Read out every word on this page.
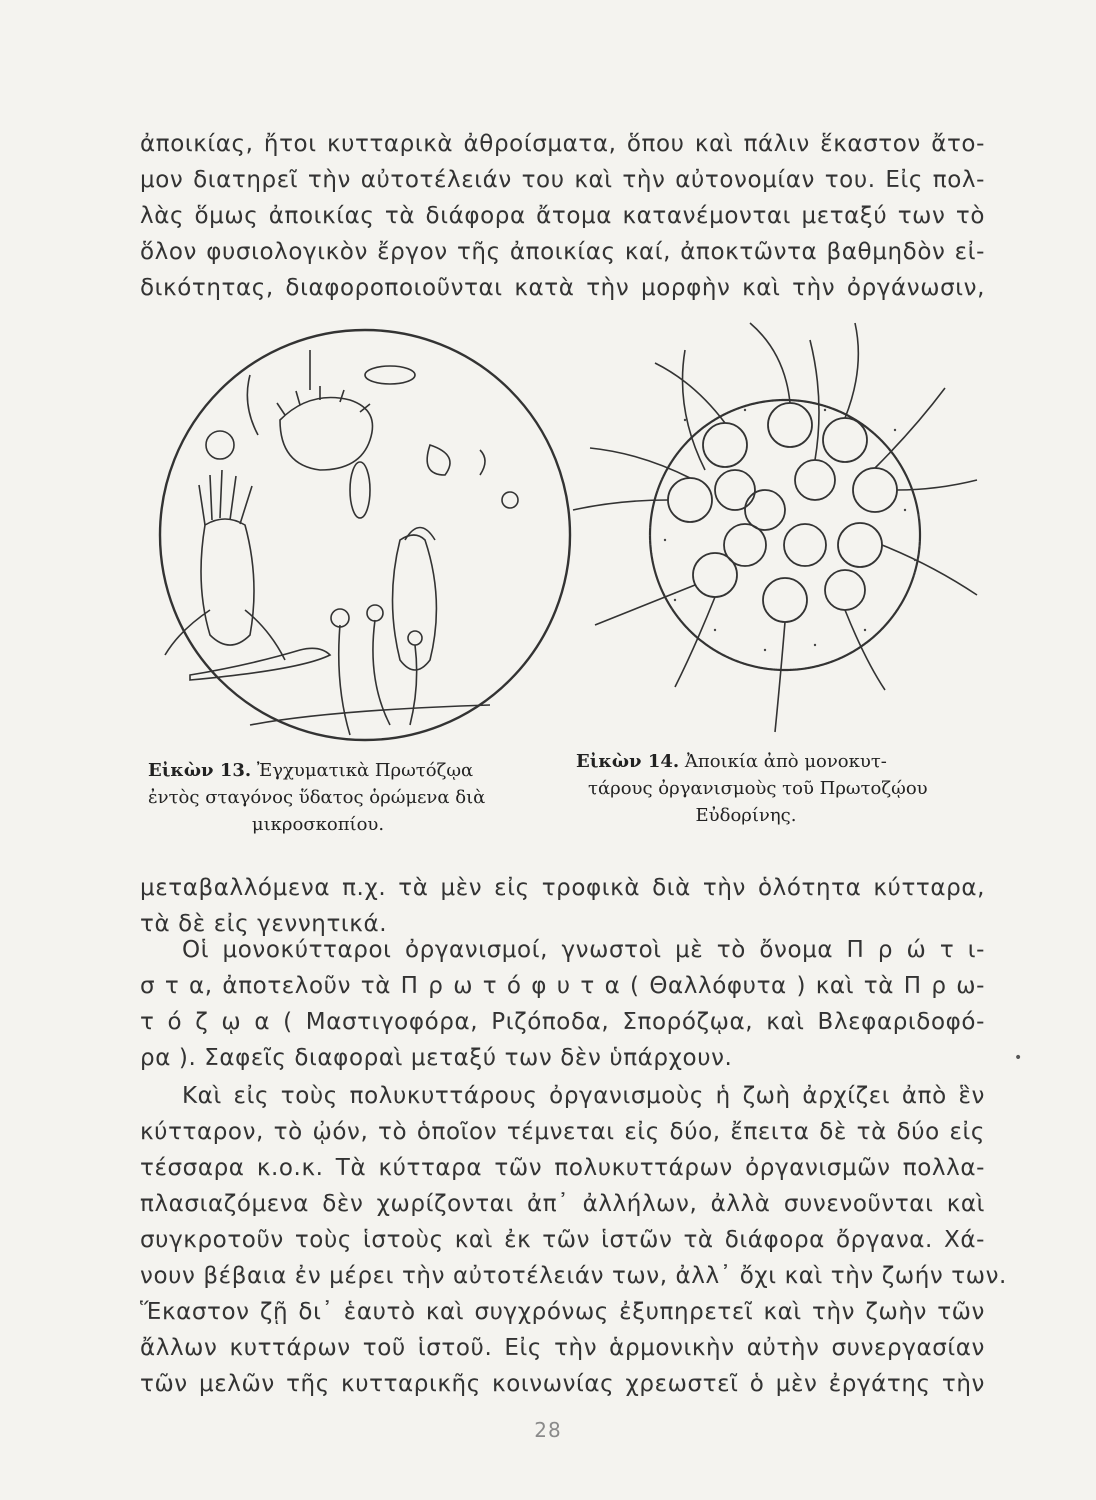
ἀποικίας, ἤτοι κυτταρικὰ ἀθροίσματα, ὅπου καὶ πάλιν ἕκαστον ἄτο-
μον διατηρεῖ τὴν αὐτοτέλειάν του καὶ τὴν αὐτονομίαν του. Εἰς πολ-
λὰς ὅμως ἀποικίας τὰ διάφορα ἄτομα κατανέμονται μεταξύ των τὸ
ὅλον φυσιολογικὸν ἔργον τῆς ἀποικίας καί, ἀποκτῶντα βαθμηδὸν εἰ-
δικότητας, διαφοροποιοῦνται κατὰ τὴν μορφὴν καὶ τὴν ὀργάνωσιν,
Εἰκὼν 13. Ἐγχυματικὰ Πρωτόζῳα
ἐντὸς σταγόνος ὕδατος ὁρώμενα διὰ
μικροσκοπίου.
Εἰκὼν 14. Ἀποικία ἀπὸ μονοκυτ-
τάρους ὀργανισμοὺς τοῦ Πρωτοζῴου
Εὐδορίνης.
μεταβαλλόμενα π.χ. τὰ μὲν εἰς τροφικὰ διὰ τὴν ὁλότητα κύτταρα,
τὰ δὲ εἰς γεννητικά.
Οἱ μονοκύτταροι ὀργανισμοί, γνωστοὶ μὲ τὸ ὄνομα Π ρ ώ τ ι-
σ τ α, ἀποτελοῦν τὰ Π ρ ω τ ό φ υ τ α ( Θαλλόφυτα ) καὶ τὰ Π ρ ω-
τ ό ζ ῳ α ( Μαστιγοφόρα, Ριζόποδα, Σπορόζῳα, καὶ Βλεφαριδοφό-
ρα ). Σαφεῖς διαφοραὶ μεταξύ των δὲν ὑπάρχουν.
Καὶ εἰς τοὺς πολυκυττάρους ὀργανισμοὺς ἡ ζωὴ ἀρχίζει ἀπὸ ἓν
κύτταρον, τὸ ᾠόν, τὸ ὁποῖον τέμνεται εἰς δύο, ἔπειτα δὲ τὰ δύο εἰς
τέσσαρα κ.ο.κ. Τὰ κύτταρα τῶν πολυκυττάρων ὀργανισμῶν πολλα-
πλασιαζόμενα δὲν χωρίζονται ἀπ᾽ ἀλλήλων, ἀλλὰ συνενοῦνται καὶ
συγκροτοῦν τοὺς ἱστοὺς καὶ ἐκ τῶν ἱστῶν τὰ διάφορα ὄργανα. Χά-
νουν βέβαια ἐν μέρει τὴν αὐτοτέλειάν των, ἀλλ᾽ ὄχι καὶ τὴν ζωήν των.
Ἕκαστον ζῇ δι᾽ ἑαυτὸ καὶ συγχρόνως ἐξυπηρετεῖ καὶ τὴν ζωὴν τῶν
ἄλλων κυττάρων τοῦ ἱστοῦ. Εἰς τὴν ἁρμονικὴν αὐτὴν συνεργασίαν
τῶν μελῶν τῆς κυτταρικῆς κοινωνίας χρεωστεῖ ὁ μὲν ἐργάτης τὴν
•
28
